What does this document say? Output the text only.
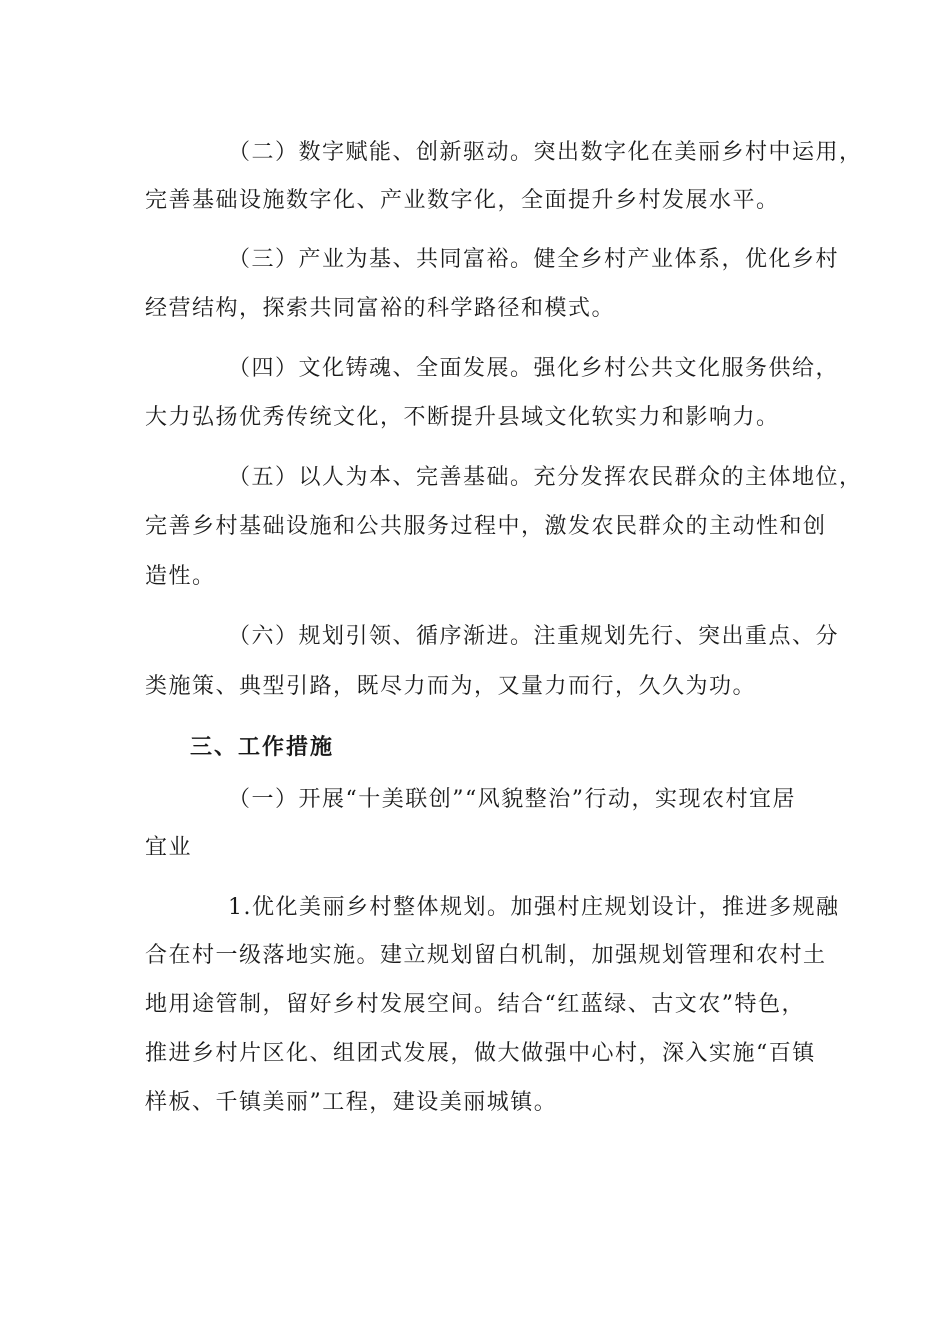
（二）数字赋能、创新驱动。突出数字化在美丽乡村中运用，
完善基础设施数字化、产业数字化，全面提升乡村发展水平。
（三）产业为基、共同富裕。健全乡村产业体系，优化乡村
经营结构，探索共同富裕的科学路径和模式。
（四）文化铸魂、全面发展。强化乡村公共文化服务供给，
大力弘扬优秀传统文化，不断提升县域文化软实力和影响力。
（五）以人为本、完善基础。充分发挥农民群众的主体地位，
完善乡村基础设施和公共服务过程中，激发农民群众的主动性和创
造性。
（六）规划引领、循序渐进。注重规划先行、突出重点、分
类施策、典型引路，既尽力而为，又量力而行，久久为功。
三、工作措施
（一）开展“十美联创”“风貌整治”行动，实现农村宜居
宜业
1.优化美丽乡村整体规划。加强村庄规划设计，推进多规融
合在村一级落地实施。建立规划留白机制，加强规划管理和农村土
地用途管制，留好乡村发展空间。结合“红蓝绿、古文农”特色，
推进乡村片区化、组团式发展，做大做强中心村，深入实施“百镇
样板、千镇美丽”工程，建设美丽城镇。
